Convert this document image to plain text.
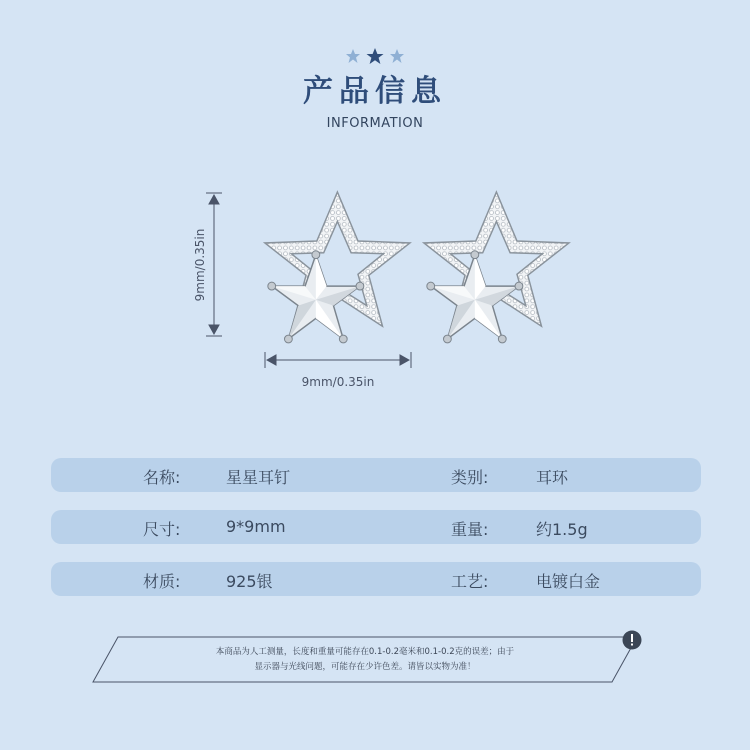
产品信息
INFORMATION
9mm/0.35in
9mm/0.35in
名称:	星星耳钉	类别:	耳环
尺寸:	9*9mm	重量:	约1.5g
材质:	925银	工艺:	电镀白金
本商品为人工测量，长度和重量可能存在0.1-0.2毫米和0.1-0.2克的误差；由于
显示器与光线问题，可能存在少许色差。请皆以实物为准！
